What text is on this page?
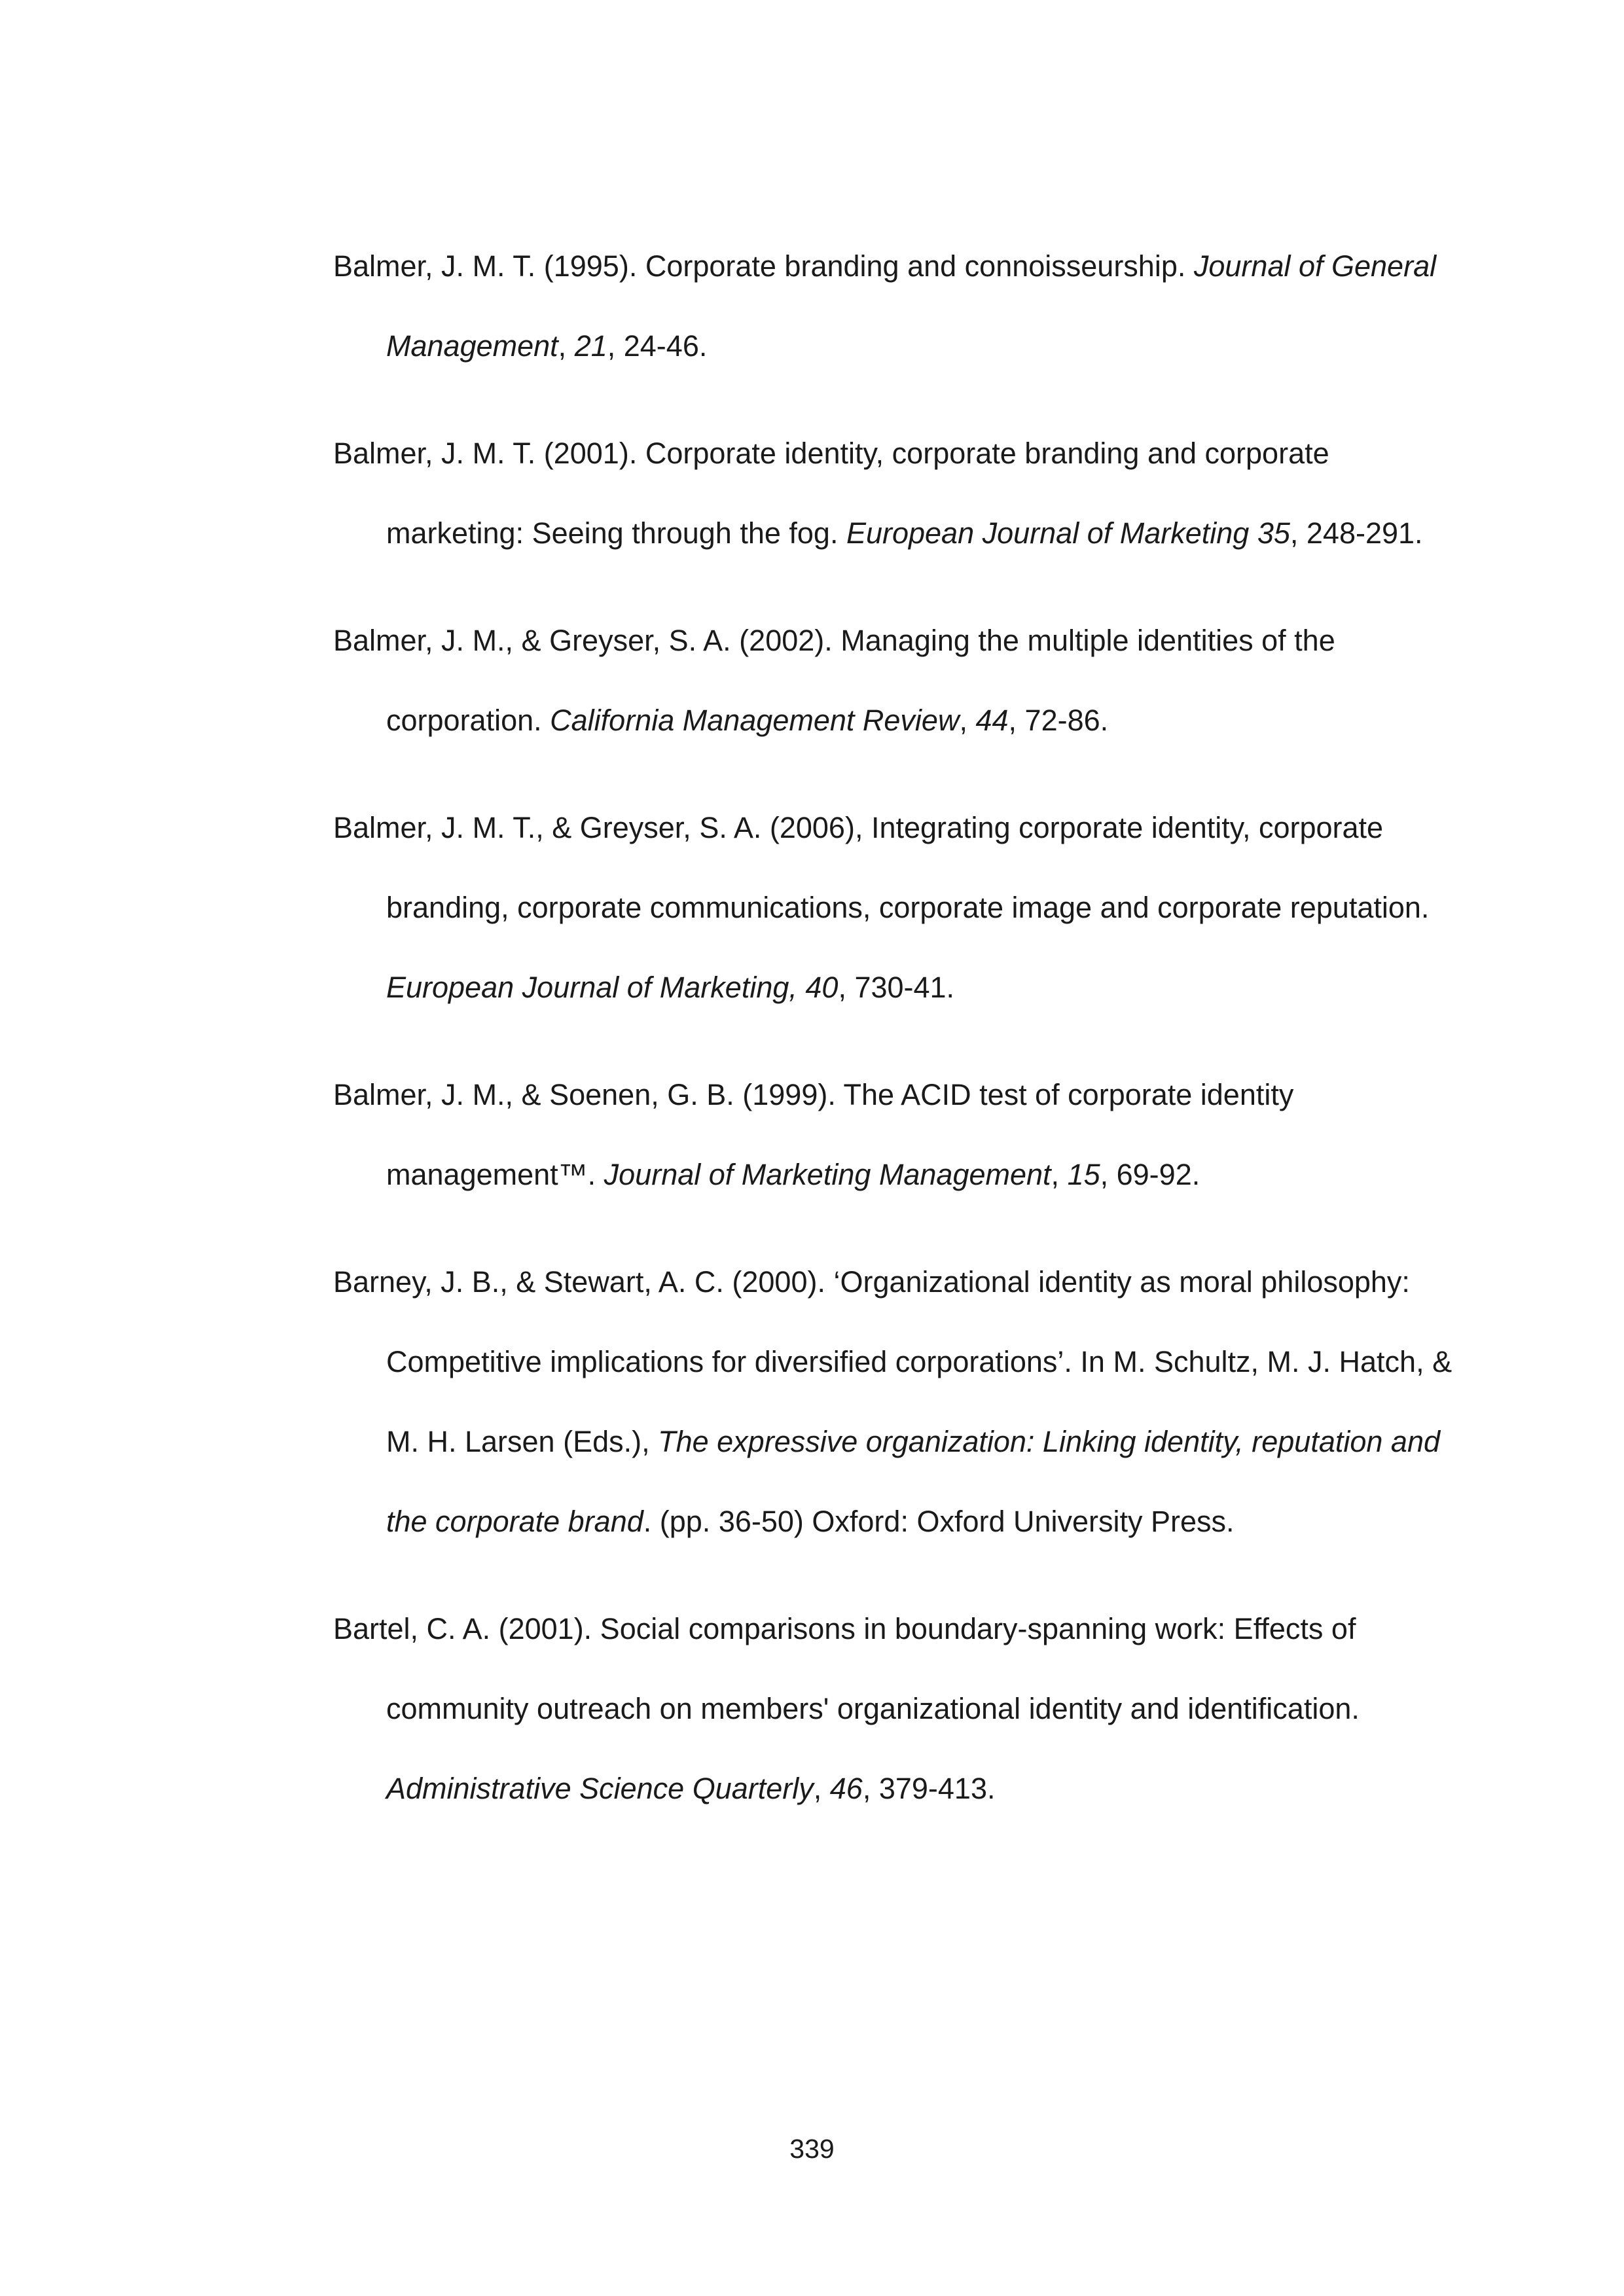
Balmer, J. M. T. (1995). Corporate branding and connoisseurship. Journal of General Management, 21, 24-46.
Balmer, J. M. T. (2001). Corporate identity, corporate branding and corporate marketing: Seeing through the fog. European Journal of Marketing 35, 248-291.
Balmer, J. M., & Greyser, S. A. (2002). Managing the multiple identities of the corporation. California Management Review, 44, 72-86.
Balmer, J. M. T., & Greyser, S. A. (2006), Integrating corporate identity, corporate branding, corporate communications, corporate image and corporate reputation. European Journal of Marketing, 40, 730-41.
Balmer, J. M., & Soenen, G. B. (1999). The ACID test of corporate identity management™. Journal of Marketing Management, 15, 69-92.
Barney, J. B., & Stewart, A. C. (2000). ‘Organizational identity as moral philosophy: Competitive implications for diversified corporations’. In M. Schultz, M. J. Hatch, & M. H. Larsen (Eds.), The expressive organization: Linking identity, reputation and the corporate brand. (pp. 36-50) Oxford: Oxford University Press.
Bartel, C. A. (2001). Social comparisons in boundary-spanning work: Effects of community outreach on members' organizational identity and identification. Administrative Science Quarterly, 46, 379-413.
339
